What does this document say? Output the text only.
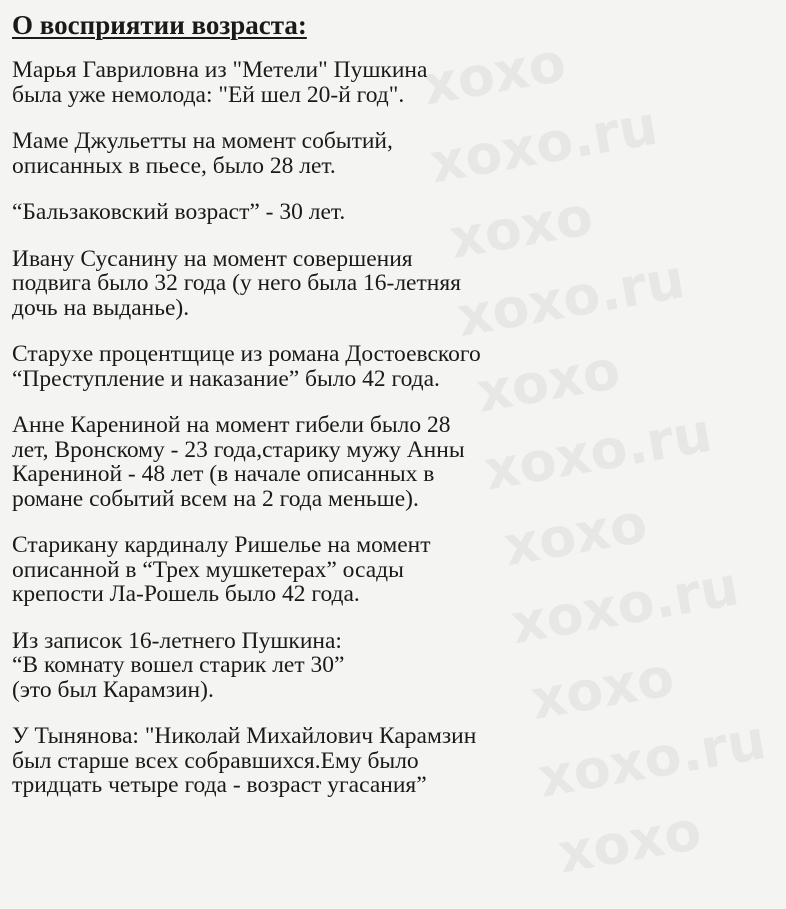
xoxo
xoxo.ru
xoxo
xoxo.ru
xoxo
xoxo.ru
xoxo
xoxo.ru
xoxo
xoxo.ru
xoxo
О восприятии возраста:
Марья Гавриловна из "Метели" Пушкина
была уже немолода: "Ей шел 20-й год".
Маме Джульетты на момент событий,
описанных в пьесе, было 28 лет.
“Бальзаковский возраст” - 30 лет.
Ивану Сусанину на момент совершения
подвига было 32 года (у него была 16-летняя
дочь на выданье).
Старухе процентщице из романа Достоевского
“Преступление и наказание” было 42 года.
Анне Карениной на момент гибели было 28
лет, Вронскому - 23 года,старику мужу Анны
Карениной - 48 лет (в начале описанных в
романе событий всем на 2 года меньше).
Старикану кардиналу Ришелье на момент
описанной в “Трех мушкетерах” осады
крепости Ла-Рошель было 42 года.
Из записок 16-летнего Пушкина:
“В комнату вошел старик лет 30”
(это был Карамзин).
У Тынянова: "Николай Михайлович Карамзин
был старше всех собравшихся.Ему было
тридцать четыре года - возраст угасания”
